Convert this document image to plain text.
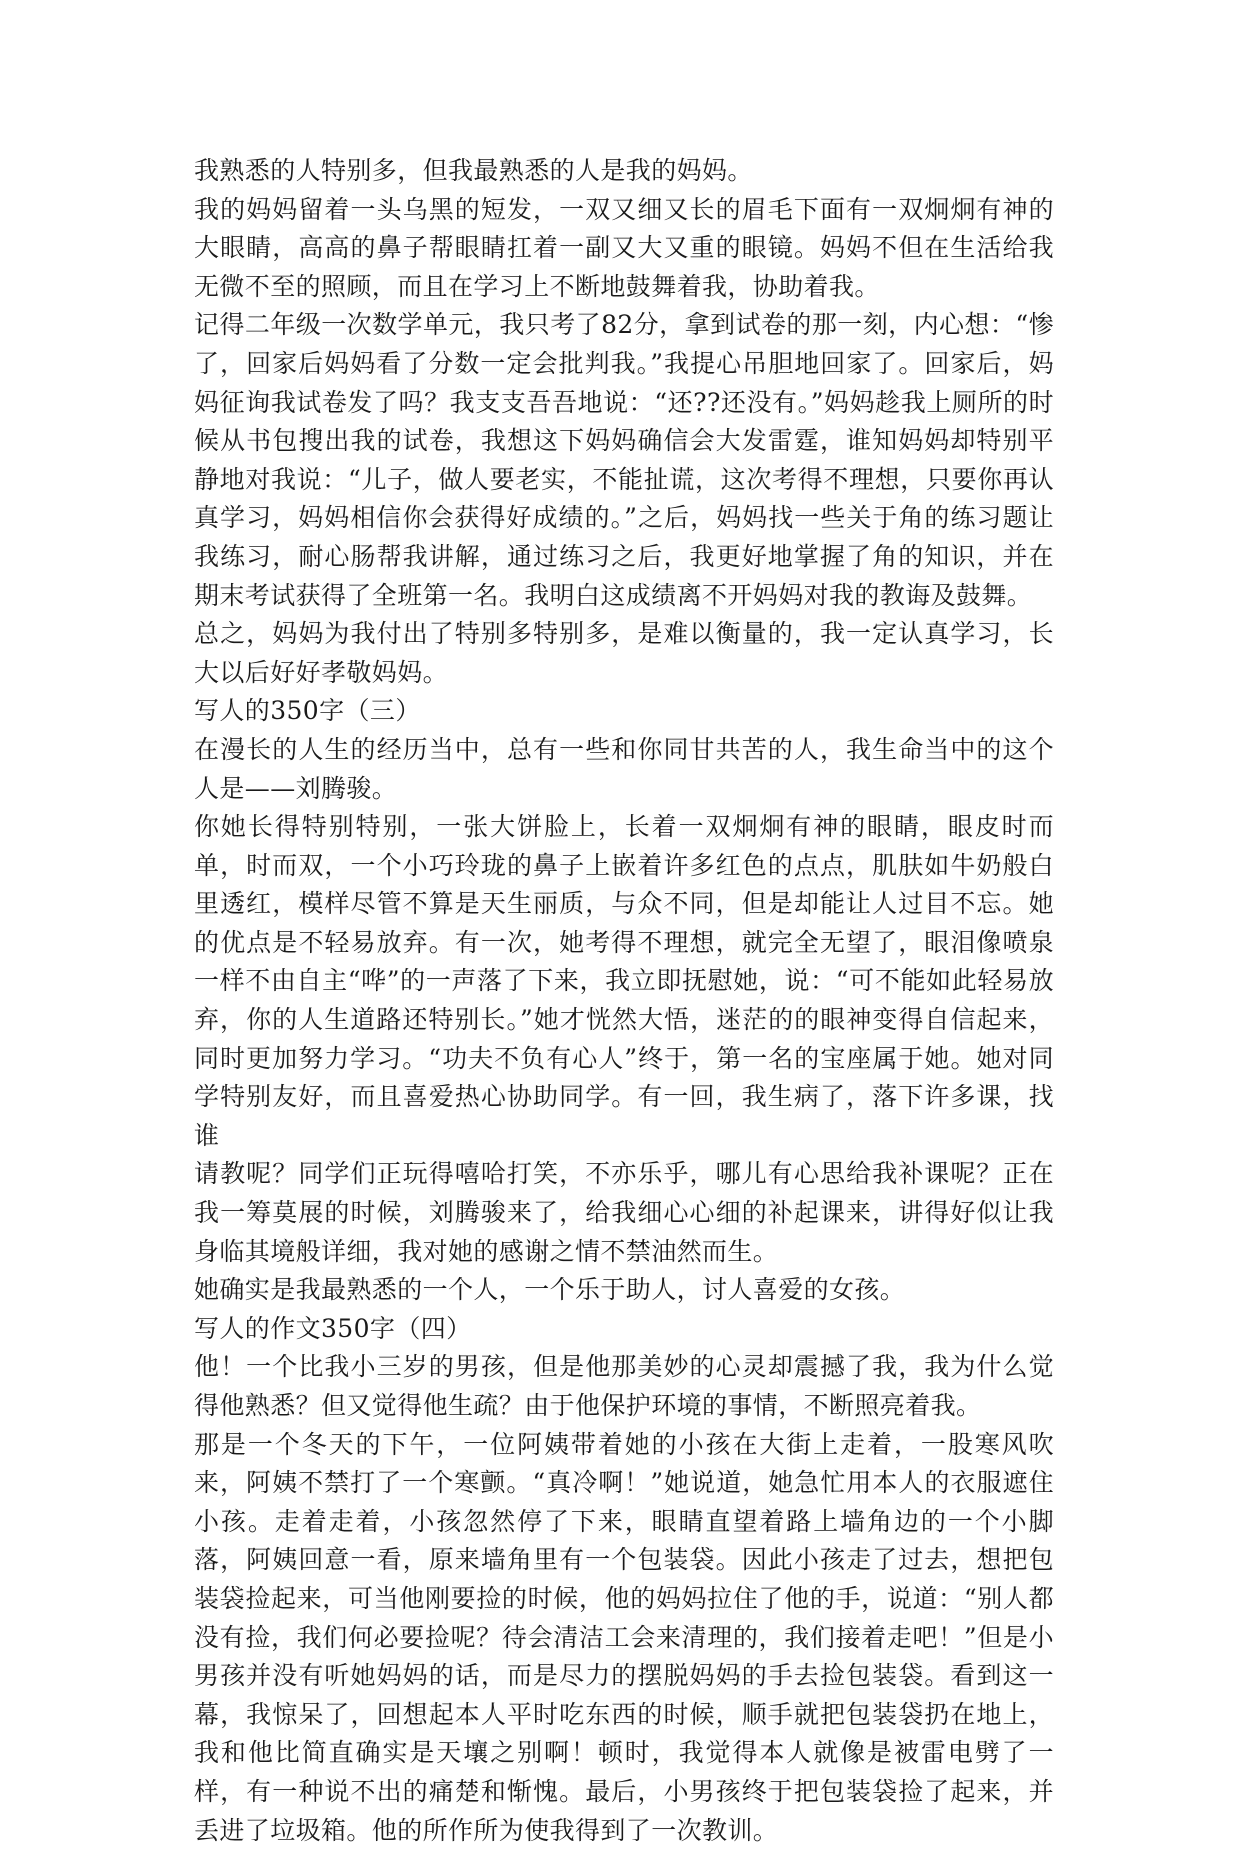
我熟悉的人特别多，但我最熟悉的人是我的妈妈。

我的妈妈留着一头乌黑的短发，一双又细又长的眉毛下面有一双炯炯有神的大眼睛，高高的鼻子帮眼睛扛着一副又大又重的眼镜。妈妈不但在生活给我无微不至的照顾，而且在学习上不断地鼓舞着我，协助着我。

记得二年级一次数学单元，我只考了82分，拿到试卷的那一刻，内心想：“惨了，回家后妈妈看了分数一定会批判我。”我提心吊胆地回家了。回家后，妈妈征询我试卷发了吗？我支支吾吾地说：“还??还没有。”妈妈趁我上厕所的时候从书包搜出我的试卷，我想这下妈妈确信会大发雷霆，谁知妈妈却特别平静地对我说：“儿子，做人要老实，不能扯谎，这次考得不理想，只要你再认真学习，妈妈相信你会获得好成绩的。”之后，妈妈找一些关于角的练习题让我练习，耐心肠帮我讲解，通过练习之后，我更好地掌握了角的知识，并在期末考试获得了全班第一名。我明白这成绩离不开妈妈对我的教诲及鼓舞。

总之，妈妈为我付出了特别多特别多，是难以衡量的，我一定认真学习，长大以后好好孝敬妈妈。

写人的350字（三）

在漫长的人生的经历当中，总有一些和你同甘共苦的人，我生命当中的这个人是——刘腾骏。

你她长得特别特别，一张大饼脸上，长着一双炯炯有神的眼睛，眼皮时而单，时而双，一个小巧玲珑的鼻子上嵌着许多红色的点点，肌肤如牛奶般白里透红，模样尽管不算是天生丽质，与众不同，但是却能让人过目不忘。她的优点是不轻易放弃。有一次，她考得不理想，就完全无望了，眼泪像喷泉一样不由自主“哗”的一声落了下来，我立即抚慰她，说：“可不能如此轻易放弃，你的人生道路还特别长。”她才恍然大悟，迷茫的的眼神变得自信起来，同时更加努力学习。“功夫不负有心人”终于，第一名的宝座属于她。她对同学特别友好，而且喜爱热心协助同学。有一回，我生病了，落下许多课，找谁

请教呢？同学们正玩得嘻哈打笑，不亦乐乎，哪儿有心思给我补课呢？正在我一筹莫展的时候，刘腾骏来了，给我细心心细的补起课来，讲得好似让我身临其境般详细，我对她的感谢之情不禁油然而生。

她确实是我最熟悉的一个人，一个乐于助人，讨人喜爱的女孩。

写人的作文350字（四）

他！一个比我小三岁的男孩，但是他那美妙的心灵却震撼了我，我为什么觉得他熟悉？但又觉得他生疏？由于他保护环境的事情，不断照亮着我。

那是一个冬天的下午，一位阿姨带着她的小孩在大街上走着，一股寒风吹来，阿姨不禁打了一个寒颤。“真冷啊！”她说道，她急忙用本人的衣服遮住小孩。走着走着，小孩忽然停了下来，眼睛直望着路上墙角边的一个小脚落，阿姨回意一看，原来墙角里有一个包装袋。因此小孩走了过去，想把包装袋捡起来，可当他刚要捡的时候，他的妈妈拉住了他的手，说道：“别人都没有捡，我们何必要捡呢？待会清洁工会来清理的，我们接着走吧！”但是小男孩并没有听她妈妈的话，而是尽力的摆脱妈妈的手去捡包装袋。看到这一幕，我惊呆了，回想起本人平时吃东西的时候，顺手就把包装袋扔在地上，我和他比简直确实是天壤之别啊！顿时，我觉得本人就像是被雷电劈了一样，有一种说不出的痛楚和惭愧。最后，小男孩终于把包装袋捡了起来，并丢进了垃圾箱。他的所作所为使我得到了一次教训。
